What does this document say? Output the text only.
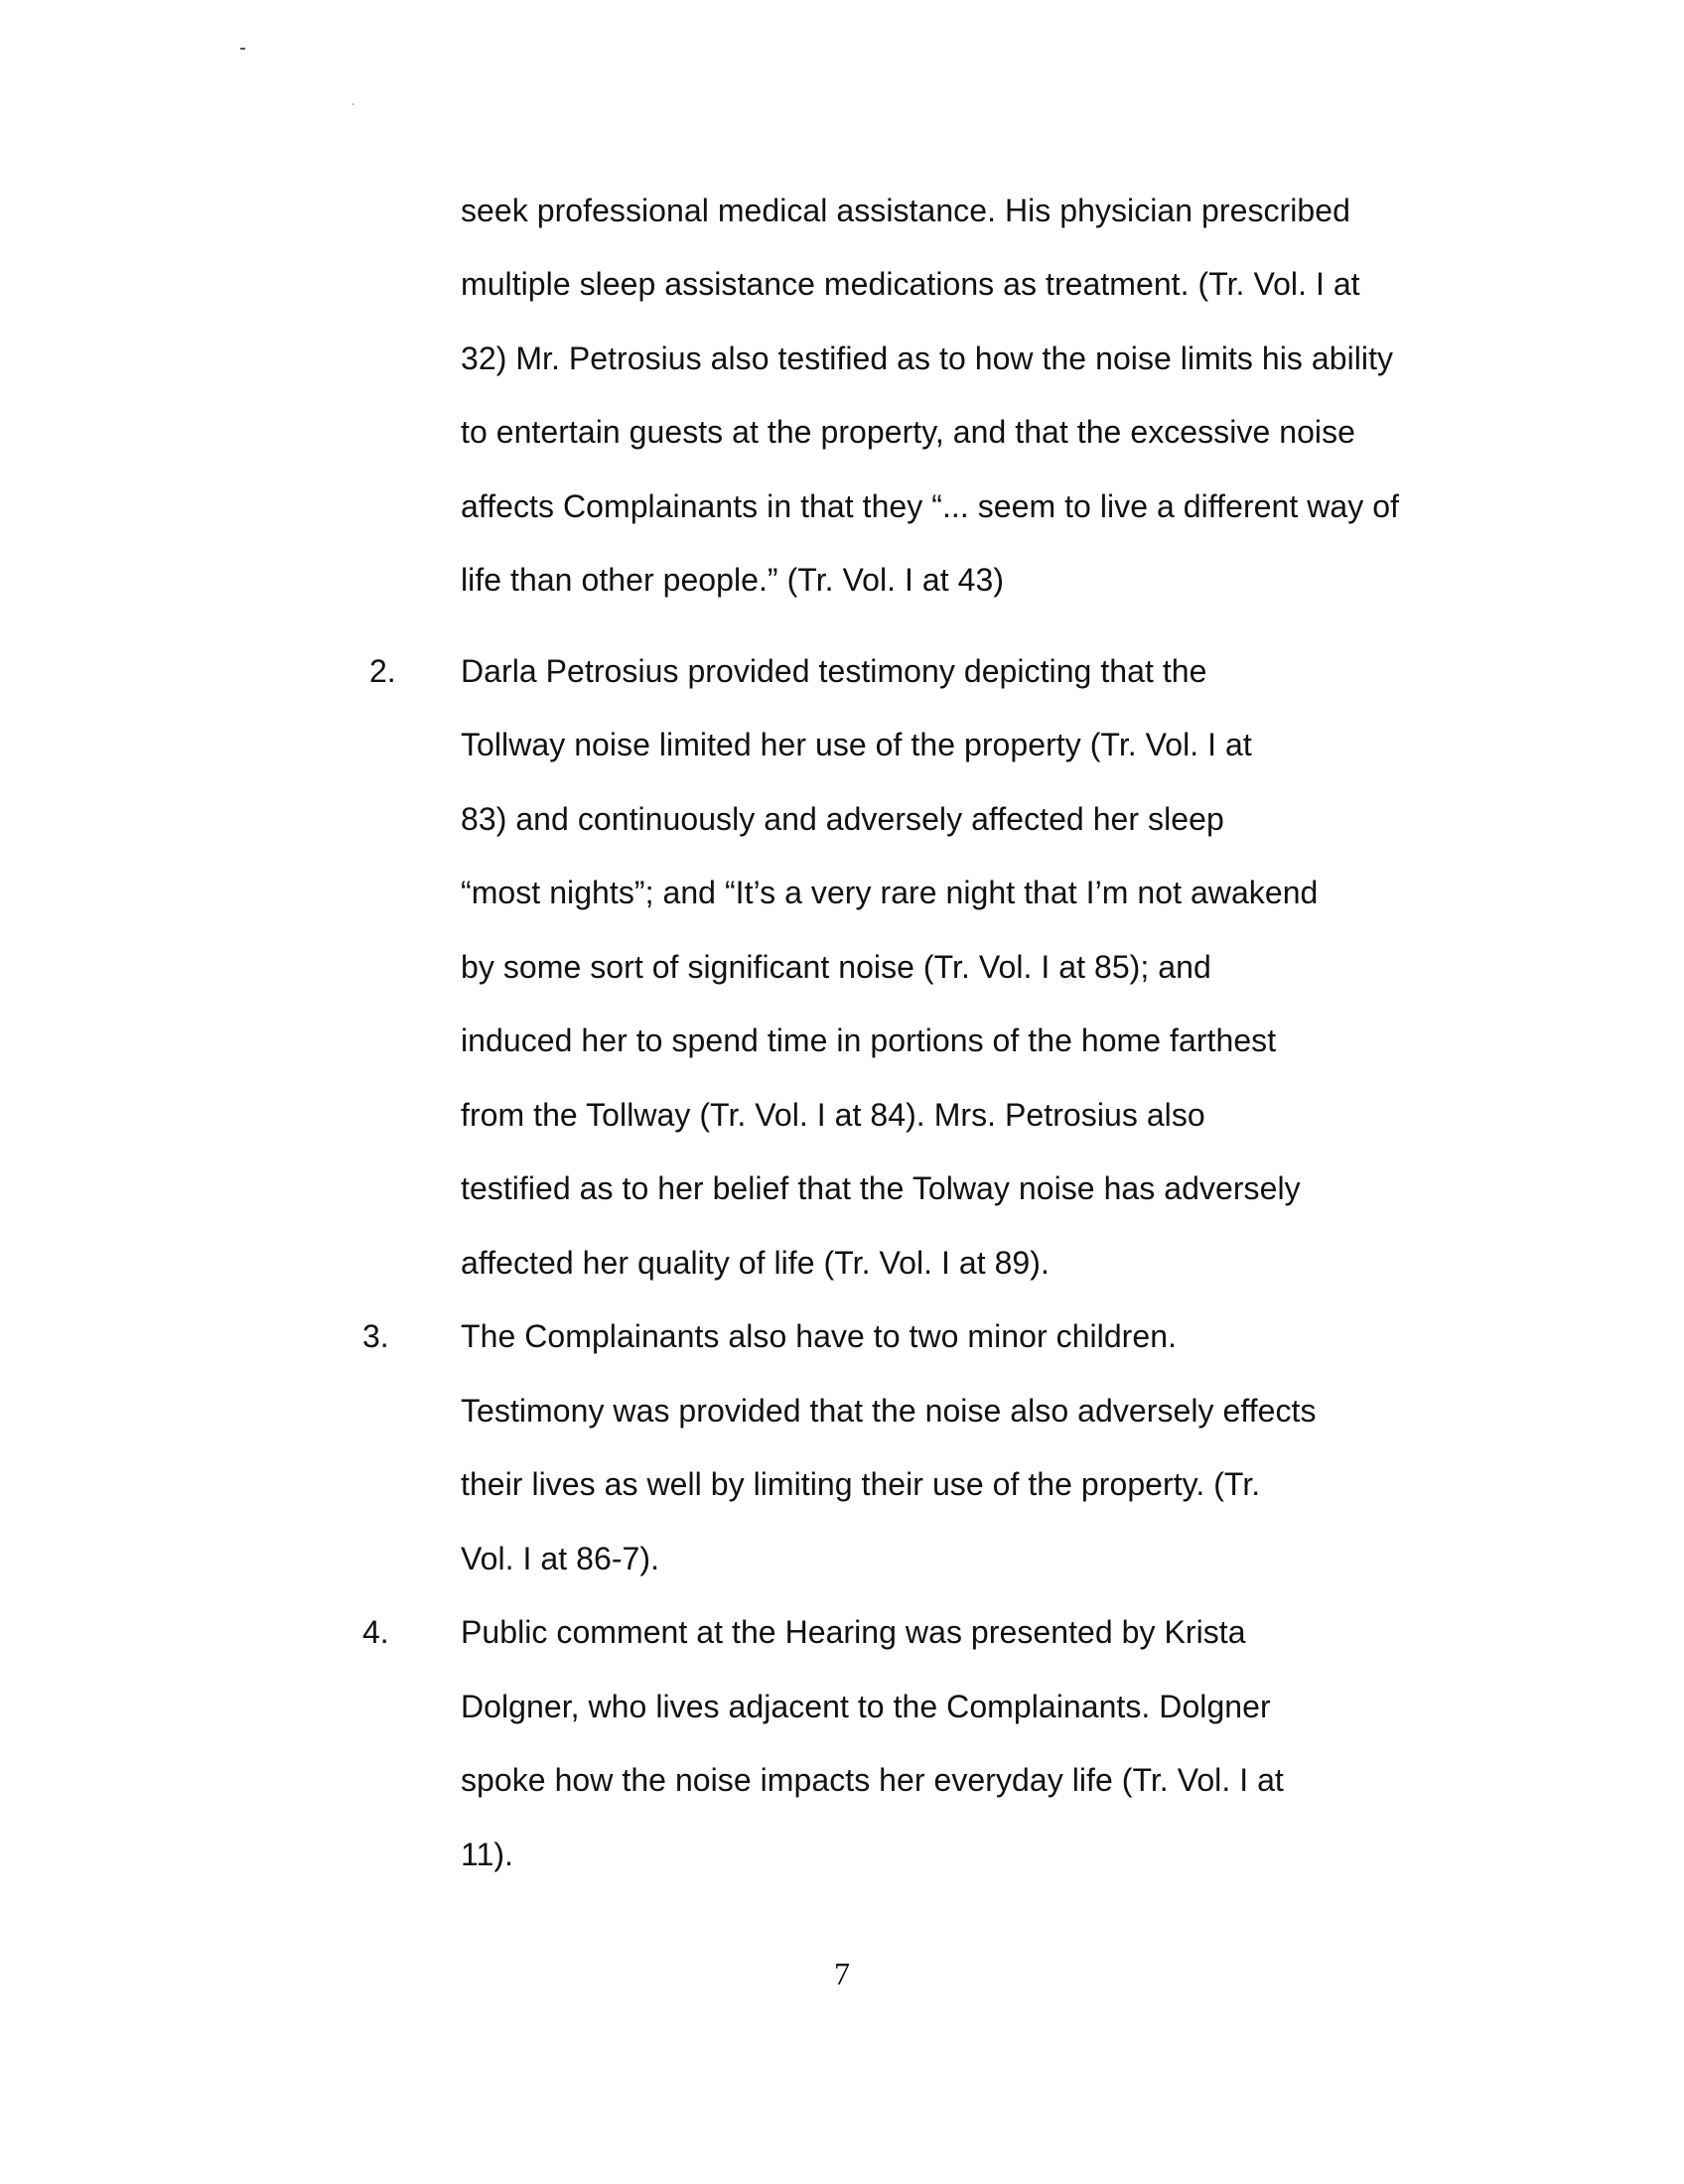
seek professional medical assistance. His physician prescribed
multiple sleep assistance medications as treatment. (Tr. Vol. I at
32) Mr. Petrosius also testified as to how the noise limits his ability
to entertain guests at the property, and that the excessive noise
affects Complainants in that they “... seem to live a different way of
life than other people.” (Tr. Vol. I at 43)
2. Darla Petrosius provided testimony depicting that the
Tollway noise limited her use of the property (Tr. Vol. I at
83) and continuously and adversely affected her sleep
“most nights”; and “It’s a very rare night that I’m not awakend
by some sort of significant noise (Tr. Vol. I at 85); and
induced her to spend time in portions of the home farthest
from the Tollway (Tr. Vol. I at 84). Mrs. Petrosius also
testified as to her belief that the Tolway noise has adversely
affected her quality of life (Tr. Vol. I at 89).
3. The Complainants also have to two minor children.
Testimony was provided that the noise also adversely effects
their lives as well by limiting their use of the property. (Tr.
Vol. I at 86-7).
4. Public comment at the Hearing was presented by Krista
Dolgner, who lives adjacent to the Complainants. Dolgner
spoke how the noise impacts her everyday life (Tr. Vol. I at
11).
7
